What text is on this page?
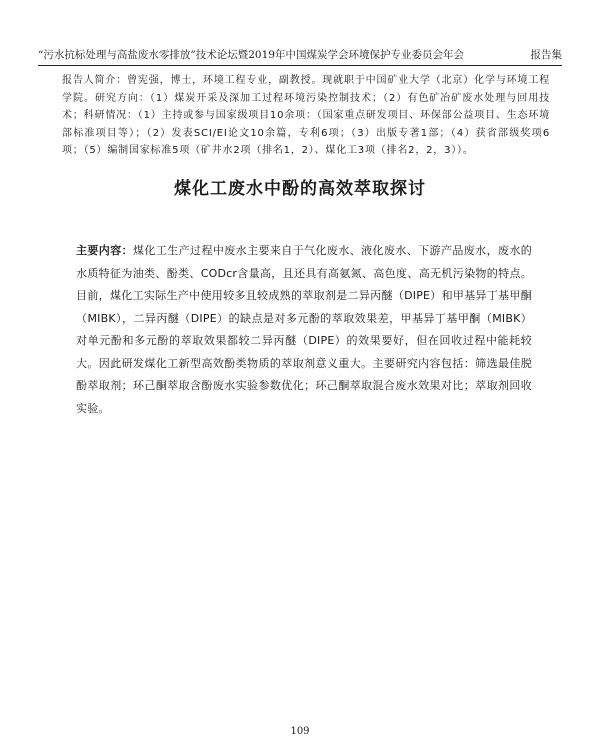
“污水抗标处理与高盐废水零排放”技术论坛暨2019年中国煤炭学会环境保护专业委员会年会	报告集
报告人简介：曾宪强，博士，环境工程专业，副教授。现就职于中国矿业大学（北京）化学与环境工程学院。研究方向：（1）煤炭开采及深加工过程环境污染控制技术；（2）有色矿冶矿废水处理与回用技术；科研情况：（1）主持或参与国家级项目10余项：（国家重点研发项目、环保部公益项目、生态环境部标准项目等）；（2）发表SCI/EI论文10余篇，专利6项；（3）出版专著1部；（4）获省部级奖项6项；（5）编制国家标准5项（矿井水2项（排名1，2）、煤化工3项（排名2，2，3））。
煤化工废水中酚的高效萃取探讨
主要内容：煤化工生产过程中废水主要来自于气化废水、液化废水、下游产品废水，废水的水质特征为油类、酚类、CODcr含量高，且还具有高氨氮、高色度、高无机污染物的特点。目前，煤化工实际生产中使用较多且较成熟的萃取剂是二异丙醚（DIPE）和甲基异丁基甲酮（MIBK），二异丙醚（DIPE）的缺点是对多元酚的萃取效果差，甲基异丁基甲酮（MIBK）对单元酚和多元酚的萃取效果都较二异丙醚（DIPE）的效果要好，但在回收过程中能耗较大。因此研发煤化工新型高效酚类物质的萃取剂意义重大。主要研究内容包括：筛选最佳脱酚萃取剂；环己酮萃取含酚废水实验参数优化；环己酮萃取混合废水效果对比；萃取剂回收实验。
109
